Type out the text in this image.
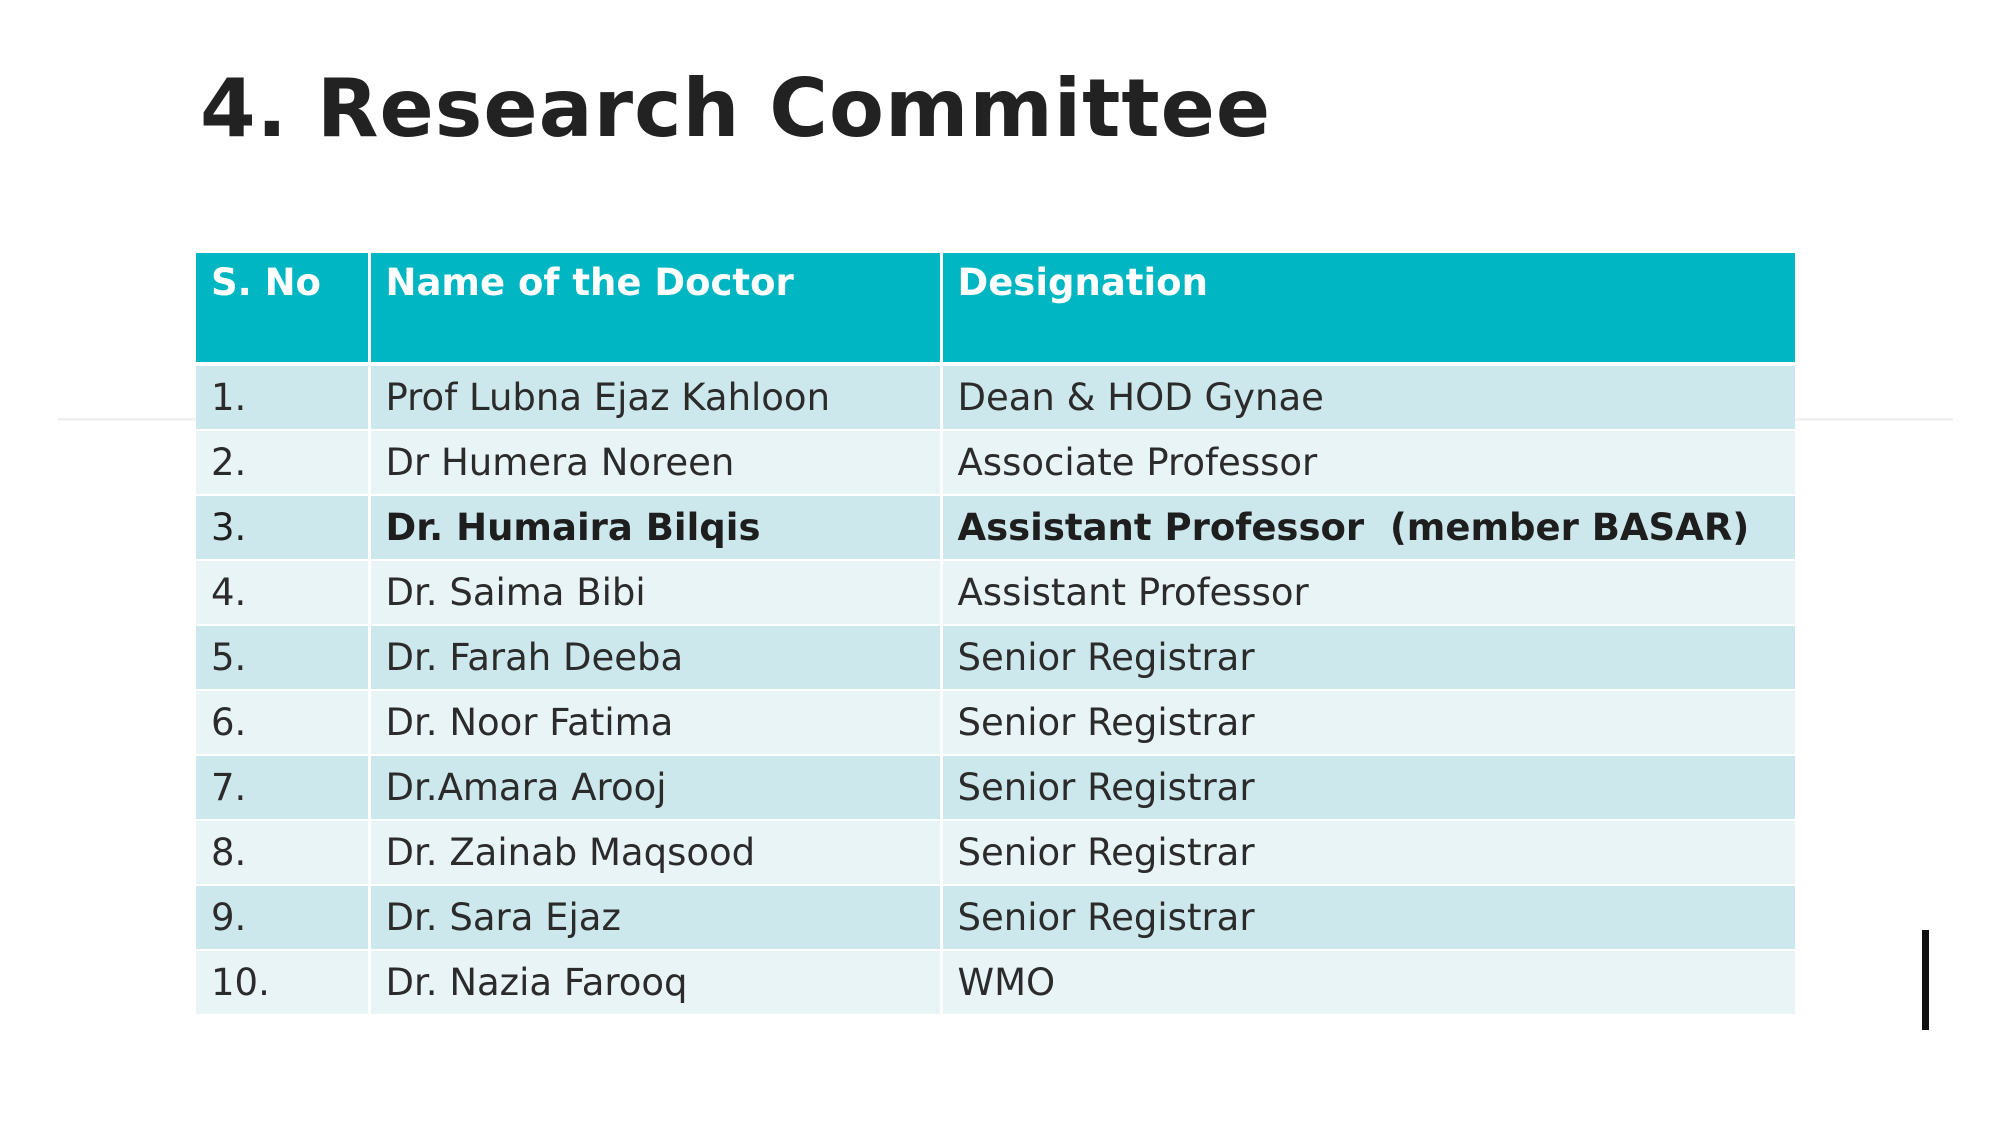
4. Research Committee
S. No	Name of the Doctor	Designation
1.	Prof Lubna Ejaz Kahloon	Dean & HOD Gynae
2.	Dr Humera Noreen	Associate Professor
3.	Dr. Humaira Bilqis	Assistant Professor  (member BASAR)
4.	Dr. Saima Bibi	Assistant Professor
5.	Dr. Farah Deeba	Senior Registrar
6.	Dr. Noor Fatima	Senior Registrar
7.	Dr.Amara Arooj	Senior Registrar
8.	Dr. Zainab Maqsood	Senior Registrar
9.	Dr. Sara Ejaz	Senior Registrar
10.	Dr. Nazia Farooq	WMO
